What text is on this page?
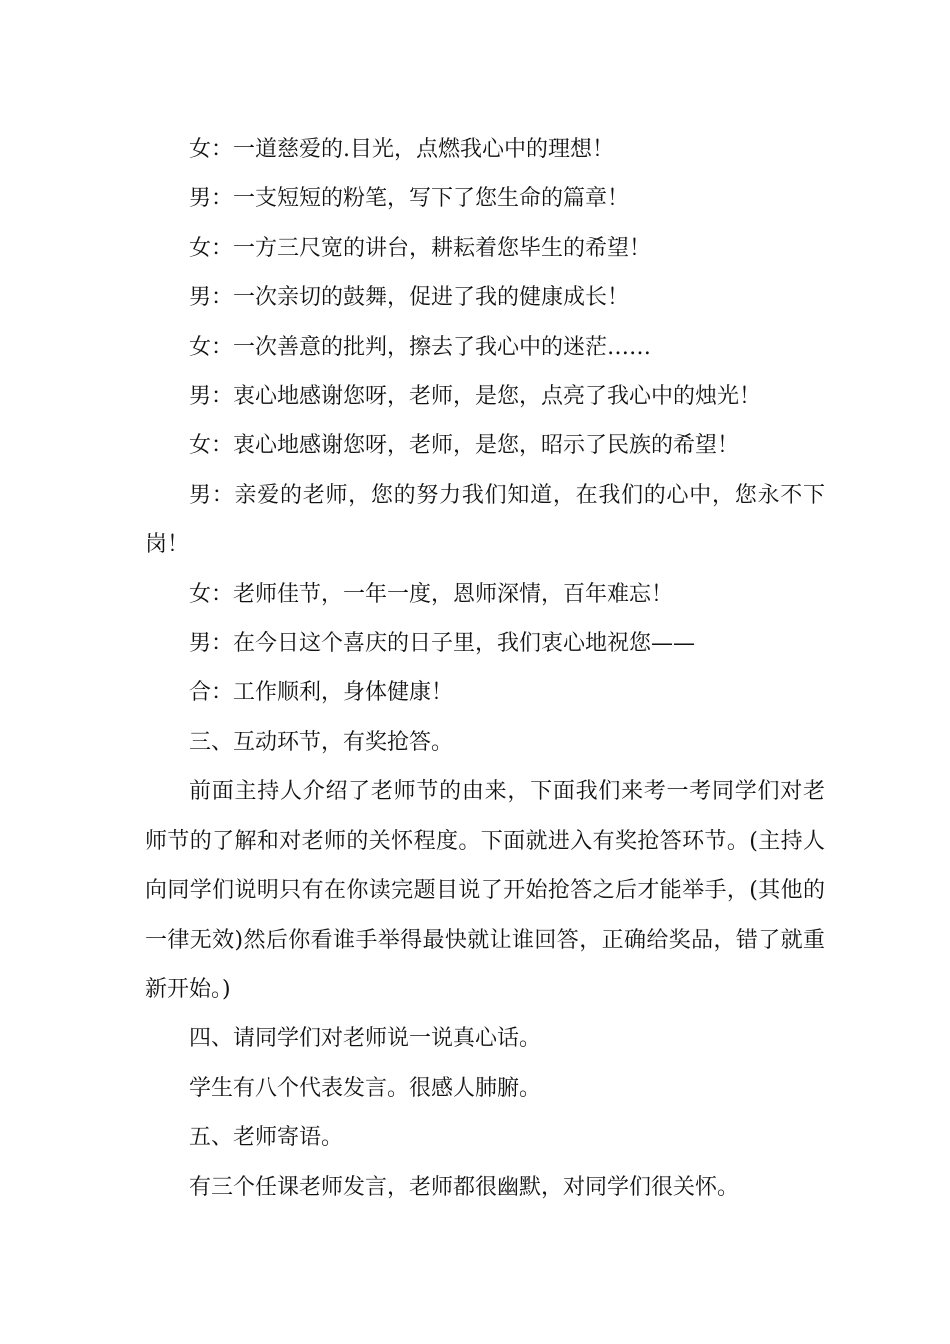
女：一道慈爱的.目光，点燃我心中的理想！

男：一支短短的粉笔，写下了您生命的篇章！

女：一方三尺宽的讲台，耕耘着您毕生的希望！

男：一次亲切的鼓舞，促进了我的健康成长！

女：一次善意的批判，擦去了我心中的迷茫……

男：衷心地感谢您呀，老师，是您，点亮了我心中的烛光！

女：衷心地感谢您呀，老师，是您，昭示了民族的希望！

男：亲爱的老师，您的努力我们知道，在我们的心中，您永不下岗！

女：老师佳节，一年一度，恩师深情，百年难忘！

男：在今日这个喜庆的日子里，我们衷心地祝您——

合：工作顺利，身体健康！

三、互动环节，有奖抢答。

前面主持人介绍了老师节的由来，下面我们来考一考同学们对老师节的了解和对老师的关怀程度。下面就进入有奖抢答环节。(主持人向同学们说明只有在你读完题目说了开始抢答之后才能举手，(其他的一律无效)然后你看谁手举得最快就让谁回答，正确给奖品，错了就重新开始。)

四、请同学们对老师说一说真心话。

学生有八个代表发言。很感人肺腑。

五、老师寄语。

有三个任课老师发言，老师都很幽默，对同学们很关怀。
